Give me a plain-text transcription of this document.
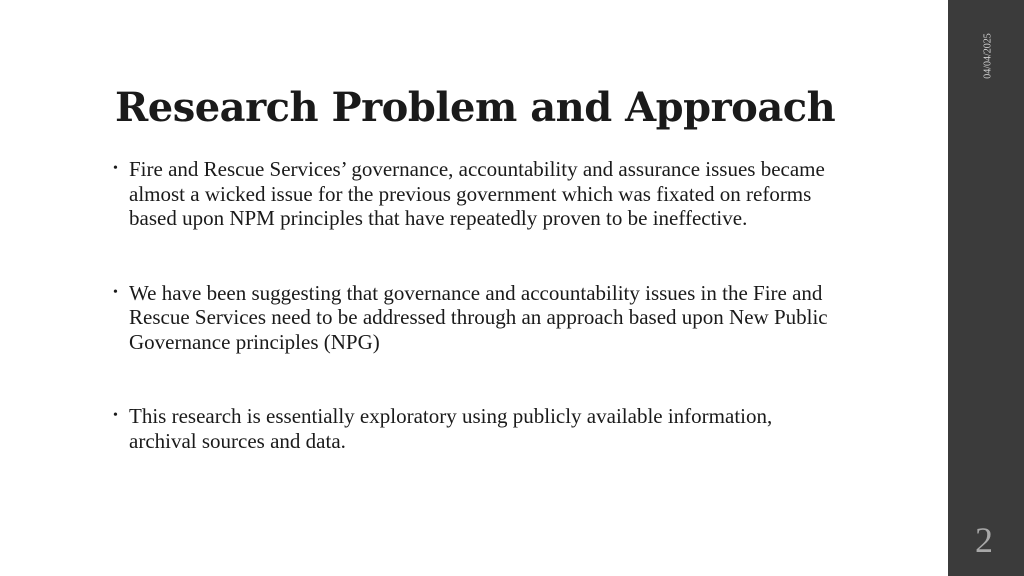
04/04/2025
2
Research Problem and Approach
• Fire and Rescue Services’ governance, accountability and assurance issues became almost a wicked issue for the previous government which was fixated on reforms based upon NPM principles that have repeatedly proven to be ineffective.
• We have been suggesting that governance and accountability issues in the Fire and Rescue Services need to be addressed through an approach based upon New Public Governance principles (NPG)
• This research is essentially exploratory using publicly available information, archival sources and data.
